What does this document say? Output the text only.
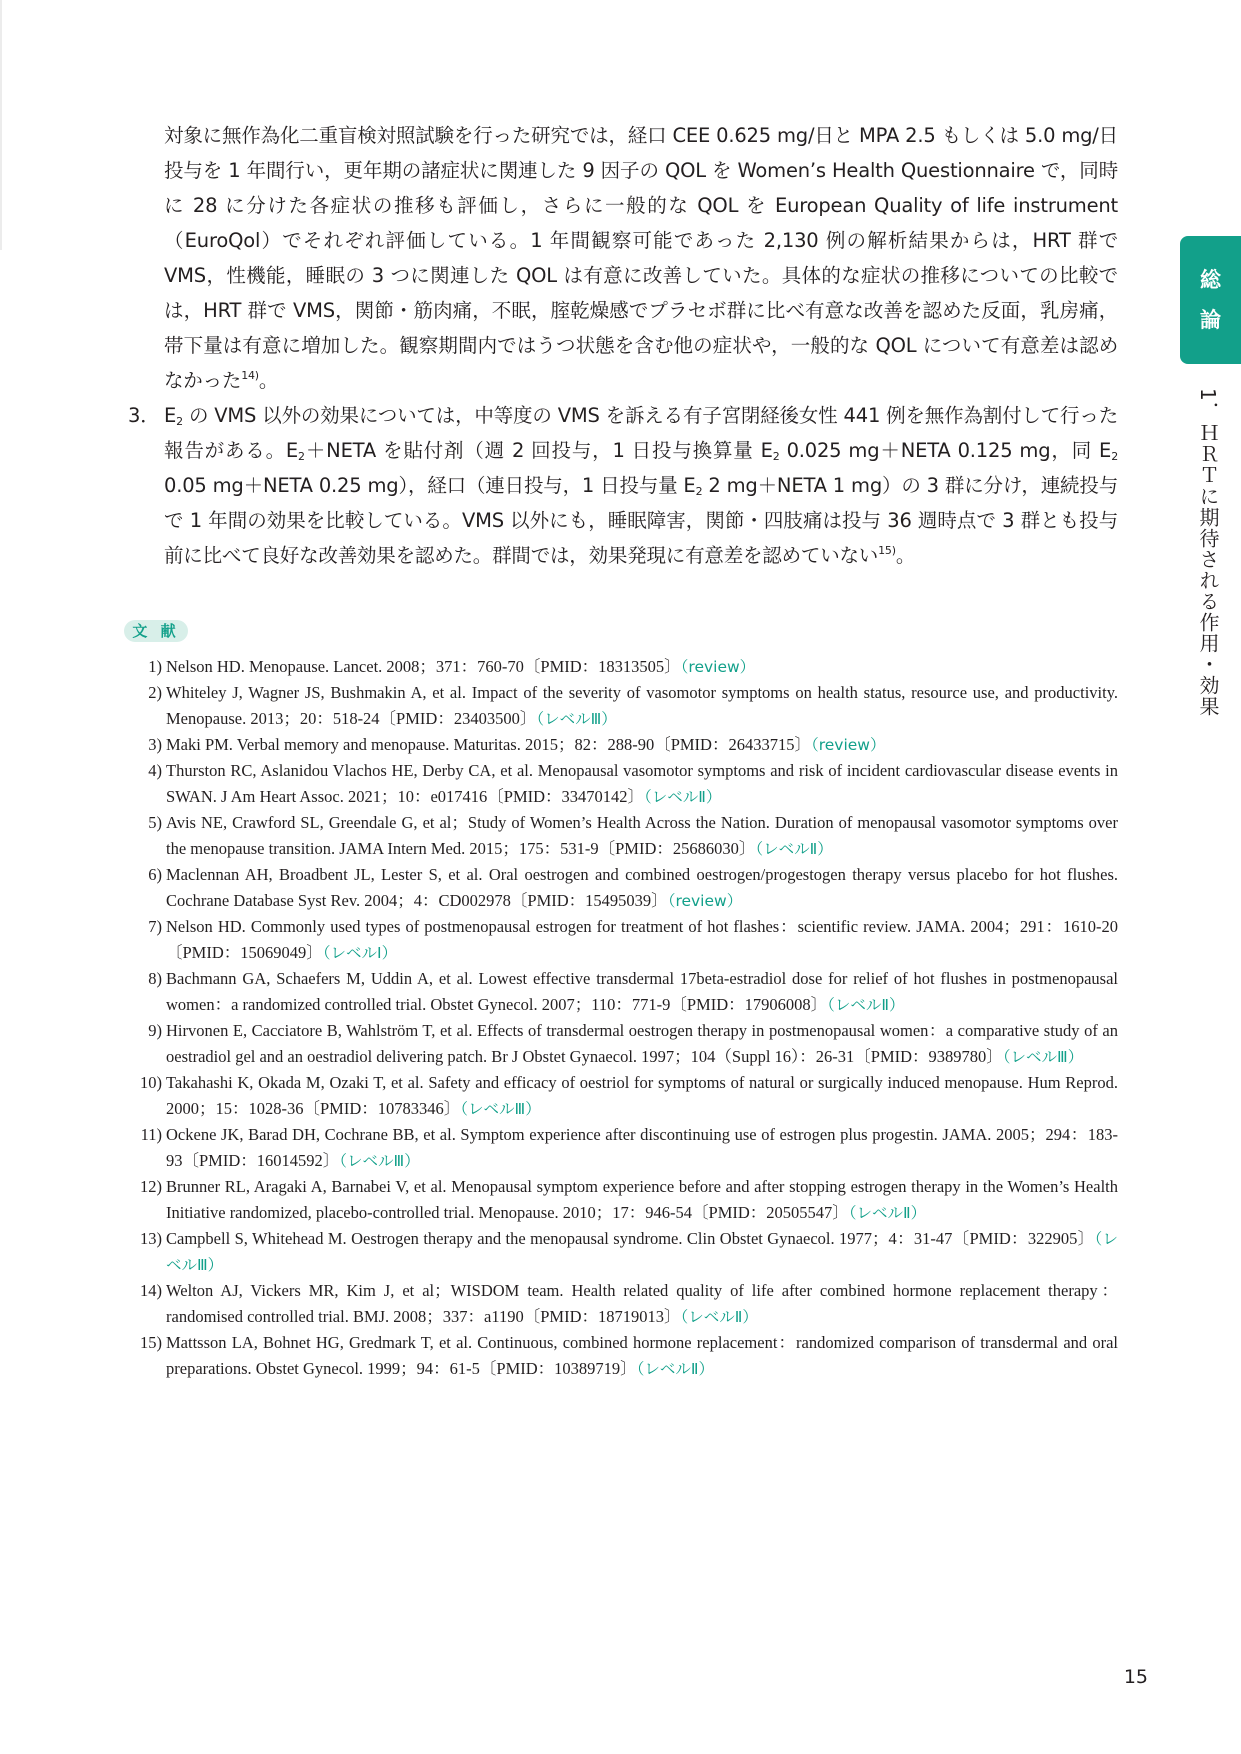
対象に無作為化二重盲検対照試験を行った研究では，経口 CEE 0.625 mg/日と MPA 2.5 もしくは 5.0 mg/日投与を 1 年間行い，更年期の諸症状に関連した 9 因子の QOL を Women’s Health Questionnaire で，同時に 28 に分けた各症状の推移も評価し，さらに一般的な QOL を European Quality of life instrument（EuroQol）でそれぞれ評価している。1 年間観察可能であった 2,130 例の解析結果からは，HRT 群で VMS，性機能，睡眠の 3 つに関連した QOL は有意に改善していた。具体的な症状の推移についての比較では，HRT 群で VMS，関節・筋肉痛，不眠，腟乾燥感でプラセボ群に比べ有意な改善を認めた反面，乳房痛，帯下量は有意に増加した。観察期間内ではうつ状態を含む他の症状や，一般的な QOL について有意差は認めなかった$^{14)}$。
3． $E_2$ の VMS 以外の効果については，中等度の VMS を訴える有子宮閉経後女性 441 例を無作為割付して行った報告がある。$E_2+NETA$ を貼付剤（週 2 回投与，1 日投与換算量 $E_2$ 0.025 mg＋NETA 0.125 mg，同 $E_2$ 0.05 mg＋NETA 0.25 mg），経口（連日投与，1 日投与量 $E_2$ 2 mg＋NETA 1 mg）の 3 群に分け，連続投与で 1 年間の効果を比較している。VMS 以外にも，睡眠障害，関節・四肢痛は投与 36 週時点で 3 群とも投与前に比べて良好な改善効果を認めた。群間では，効果発現に有意差を認めていない$^{15)}$。
文 献
1) Nelson HD. Menopause. Lancet. 2008；371：760-70〔PMID：18313505〕（review）
2) Whiteley J, Wagner JS, Bushmakin A, et al. Impact of the severity of vasomotor symptoms on health status, resource use, and productivity. Menopause. 2013；20：518-24〔PMID：23403500〕（レベルⅢ）
3) Maki PM. Verbal memory and menopause. Maturitas. 2015；82：288-90〔PMID：26433715〕（review）
4) Thurston RC, Aslanidou Vlachos HE, Derby CA, et al. Menopausal vasomotor symptoms and risk of incident cardiovascular disease events in SWAN. J Am Heart Assoc. 2021；10：e017416〔PMID：33470142〕（レベルⅡ）
5) Avis NE, Crawford SL, Greendale G, et al；Study of Women’s Health Across the Nation. Duration of menopausal vasomotor symptoms over the menopause transition. JAMA Intern Med. 2015；175：531-9〔PMID：25686030〕（レベルⅡ）
6) Maclennan AH, Broadbent JL, Lester S, et al. Oral oestrogen and combined oestrogen/progestogen therapy versus placebo for hot flushes. Cochrane Database Syst Rev. 2004；4：CD002978〔PMID：15495039〕（review）
7) Nelson HD. Commonly used types of postmenopausal estrogen for treatment of hot flashes：scientific review. JAMA. 2004；291：1610-20〔PMID：15069049〕（レベルⅠ）
8) Bachmann GA, Schaefers M, Uddin A, et al. Lowest effective transdermal 17beta-estradiol dose for relief of hot flushes in postmenopausal women：a randomized controlled trial. Obstet Gynecol. 2007；110：771-9〔PMID：17906008〕（レベルⅡ）
9) Hirvonen E, Cacciatore B, Wahlström T, et al. Effects of transdermal oestrogen therapy in postmenopausal women：a comparative study of an oestradiol gel and an oestradiol delivering patch. Br J Obstet Gynaecol. 1997；104（Suppl 16）：26-31〔PMID：9389780〕（レベルⅢ）
10) Takahashi K, Okada M, Ozaki T, et al. Safety and efficacy of oestriol for symptoms of natural or surgically induced menopause. Hum Reprod. 2000；15：1028-36〔PMID：10783346〕（レベルⅢ）
11) Ockene JK, Barad DH, Cochrane BB, et al. Symptom experience after discontinuing use of estrogen plus progestin. JAMA. 2005；294：183-93〔PMID：16014592〕（レベルⅢ）
12) Brunner RL, Aragaki A, Barnabei V, et al. Menopausal symptom experience before and after stopping estrogen therapy in the Women’s Health Initiative randomized, placebo-controlled trial. Menopause. 2010；17：946-54〔PMID：20505547〕（レベルⅡ）
13) Campbell S, Whitehead M. Oestrogen therapy and the menopausal syndrome. Clin Obstet Gynaecol. 1977；4：31-47〔PMID：322905〕（レベルⅢ）
14) Welton AJ, Vickers MR, Kim J, et al；WISDOM team. Health related quality of life after combined hormone replacement therapy：randomised controlled trial. BMJ. 2008；337：a1190〔PMID：18719013〕（レベルⅡ）
15) Mattsson LA, Bohnet HG, Gredmark T, et al. Continuous, combined hormone replacement：randomized comparison of transdermal and oral preparations. Obstet Gynecol. 1999；94：61-5〔PMID：10389719〕（レベルⅡ）
総
論
1．ＨＲＴに期待される作用・効果
15
